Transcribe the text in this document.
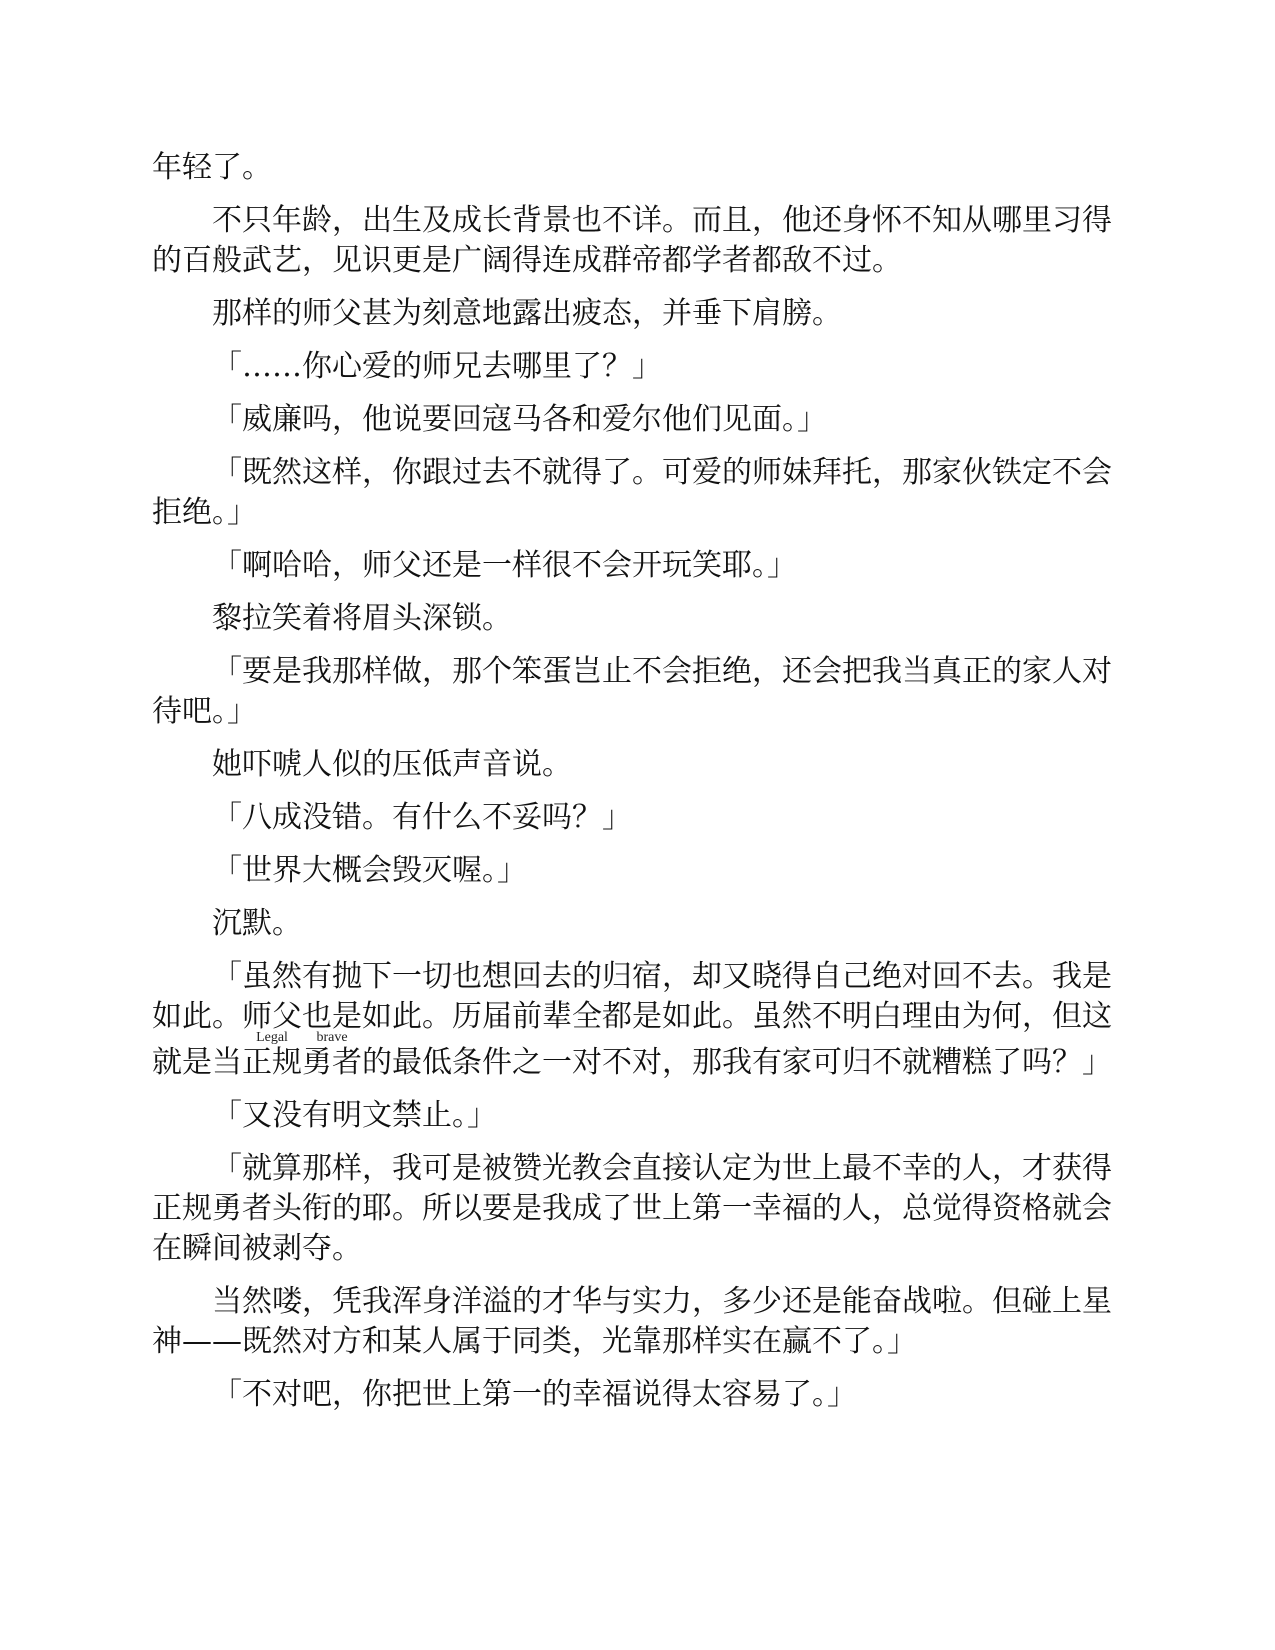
年轻了。

不只年龄，出生及成长背景也不详。而且，他还身怀不知从哪里习得的百般武艺，见识更是广阔得连成群帝都学者都敌不过。

那样的师父甚为刻意地露出疲态，并垂下肩膀。

「……你心爱的师兄去哪里了？」

「威廉吗，他说要回寇马各和爱尔他们见面。」

「既然这样，你跟过去不就得了。可爱的师妹拜托，那家伙铁定不会拒绝。」

「啊哈哈，师父还是一样很不会开玩笑耶。」

黎拉笑着将眉头深锁。

「要是我那样做，那个笨蛋岂止不会拒绝，还会把我当真正的家人对待吧。」

她吓唬人似的压低声音说。

「八成没错。有什么不妥吗？」

「世界大概会毁灭喔。」

沉默。

「虽然有抛下一切也想回去的归宿，却又晓得自己绝对回不去。我是如此。师父也是如此。历届前辈全都是如此。虽然不明白理由为何，但这就是当正规Legal勇者brave的最低条件之一对不对，那我有家可归不就糟糕了吗？」

「又没有明文禁止。」

「就算那样，我可是被赞光教会直接认定为世上最不幸的人，才获得正规勇者头衔的耶。所以要是我成了世上第一幸福的人，总觉得资格就会在瞬间被剥夺。

当然喽，凭我浑身洋溢的才华与实力，多少还是能奋战啦。但碰上星神——既然对方和某人属于同类，光靠那样实在赢不了。」

「不对吧，你把世上第一的幸福说得太容易了。」
